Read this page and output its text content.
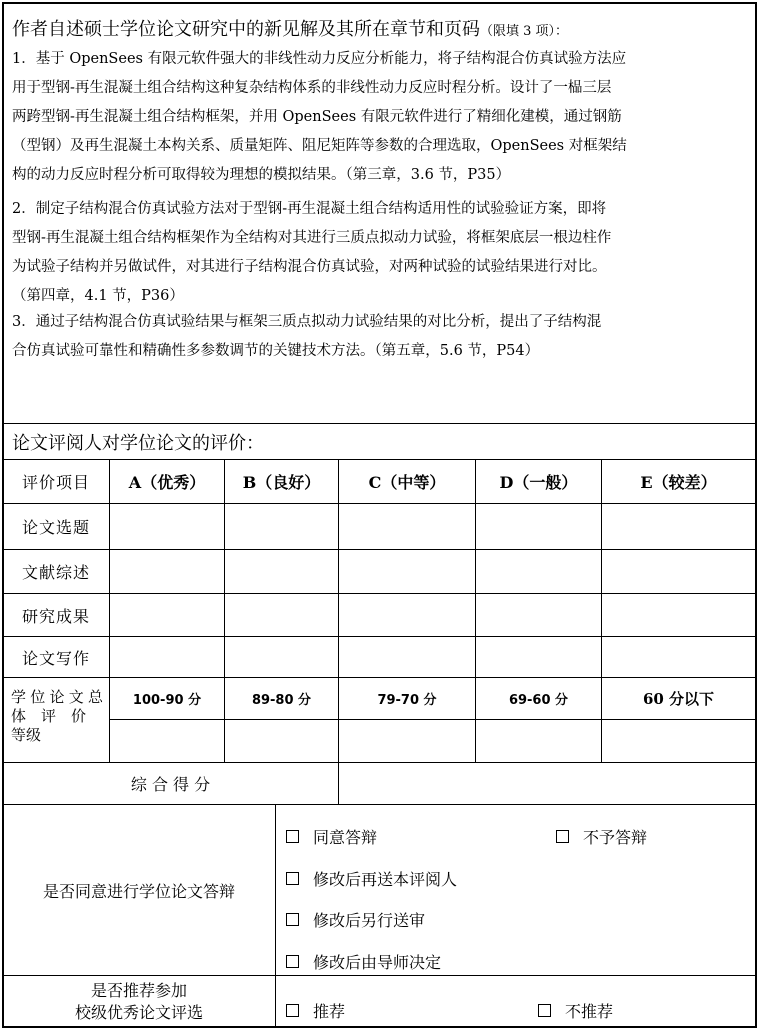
作者自述硕士学位论文研究中的新见解及其所在章节和页码（限填 3 项）：
1．基于 OpenSees 有限元软件强大的非线性动力反应分析能力，将子结构混合仿真试验方法应
用于型钢-再生混凝土组合结构这种复杂结构体系的非线性动力反应时程分析。设计了一榀三层
两跨型钢-再生混凝土组合结构框架，并用 OpenSees 有限元软件进行了精细化建模，通过钢筋
（型钢）及再生混凝土本构关系、质量矩阵、阻尼矩阵等参数的合理选取，OpenSees 对框架结
构的动力反应时程分析可取得较为理想的模拟结果。（第三章，3.6 节，P35）
2．制定子结构混合仿真试验方法对于型钢-再生混凝土组合结构适用性的试验验证方案，即将
型钢-再生混凝土组合结构框架作为全结构对其进行三质点拟动力试验，将框架底层一根边柱作
为试验子结构并另做试件，对其进行子结构混合仿真试验，对两种试验的试验结果进行对比。
（第四章，4.1 节，P36）
3．通过子结构混合仿真试验结果与框架三质点拟动力试验结果的对比分析，提出了子结构混
合仿真试验可靠性和精确性多参数调节的关键技术方法。（第五章，5.6 节，P54）
论文评阅人对学位论文的评价：
评价项目	A（优秀）	B（良好）	C（中等）	D（一般）	E（较差）
论文选题
文献综述
研究成果
论文写作
学位论文总
体　评　价
等级
100-90 分	89-80 分	79-70 分	69-60 分	60 分以下
综 合 得 分
是否同意进行学位论文答辩
同意答辩	不予答辩
修改后再送本评阅人
修改后另行送审
修改后由导师决定
是否推荐参加
校级优秀论文评选	推荐	不推荐
